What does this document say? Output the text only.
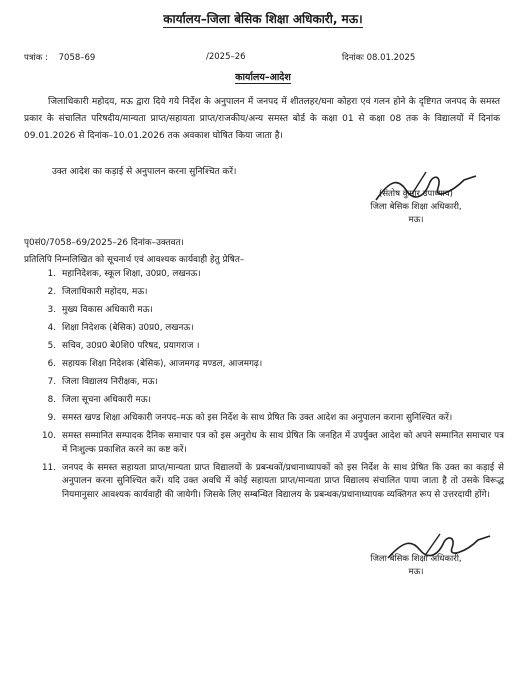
कार्यालय–जिला बेसिक शिक्षा अधिकारी, मऊ।
पत्रांक :    7058–69	/2025–26	दिनांकः 08.01.2025
कार्यालय–आदेश
जिलाधिकारी महोदय, मऊ द्वारा दिये गये निर्देश के अनुपालन में जनपद में शीतलहर/घना कोहरा एवं गलन होने के दृष्टिगत जनपद के समस्त प्रकार के संचालित परिषदीय/मान्यता प्राप्त/सहायता प्राप्त/राजकीय/अन्य समस्त बोर्ड के कक्षा 01 से कक्षा 08 तक के विद्यालयों में दिनांक 09.01.2026 से दिनांक–10.01.2026 तक अवकाश घोषित किया जाता है।
उक्त आदेश का कड़ाई से अनुपालन करना सुनिश्चित करें।
(संतोष कुमार उपाध्याय)
जिला बेसिक शिक्षा अधिकारी,
मऊ।
पृ0सं0/7058–69/2025–26 दिनांक–उक्तवत।
प्रतिलिपि निम्नलिखित को सूचनार्थ एवं आवश्यक कार्यवाही हेतु प्रेषित–
1. महानिदेशक, स्कूल शिक्षा, उ0प्र0, लखनऊ।
2. जिलाधिकारी महोदय, मऊ।
3. मुख्य विकास अधिकारी मऊ।
4. शिक्षा निदेशक (बेसिक) उ0प्र0, लखनऊ।
5. सचिव, उ0प्र0 बे0शि0 परिषद, प्रयागराज ।
6. सहायक शिक्षा निदेशक (बेसिक), आजमगढ़ मण्डल, आजमगढ़।
7. जिला विद्यालय निरीक्षक, मऊ।
8. जिला सूचना अधिकारी मऊ।
9. समस्त खण्ड शिक्षा अधिकारी जनपद–मऊ को इस निर्देश के साथ प्रेषित कि उक्त आदेश का अनुपालन कराना सुनिश्चित करें।
10. समस्त सम्मानित सम्पादक दैनिक समाचार पत्र को इस अनुरोध के साथ प्रेषित कि जनहित में उपर्युक्त आदेश को अपने सम्मानित समाचार पत्र में निःशुल्क प्रकाशित करने का कष्ट करें।
11. जनपद के समस्त सहायता प्राप्त/मान्यता प्राप्त विद्यालयों के प्रबन्धकों/प्रधानाध्यापकों को इस निर्देश के साथ प्रेषित कि उक्त का कड़ाई से अनुपालन करना सुनिश्चित करें। यदि उक्त अवधि में कोई सहायता प्राप्त/मान्यता प्राप्त विद्यालय संचालित पाया जाता है तो उसके विरूद्ध नियमानुसार आवश्यक कार्यवाही की जायेगी। जिसके लिए सम्बन्धित विद्यालय के प्रबन्धक/प्रधानाध्यापक व्यक्तिगत रूप से उत्तरदायी होंगे।
जिला बेसिक शिक्षा अधिकारी,
मऊ।
